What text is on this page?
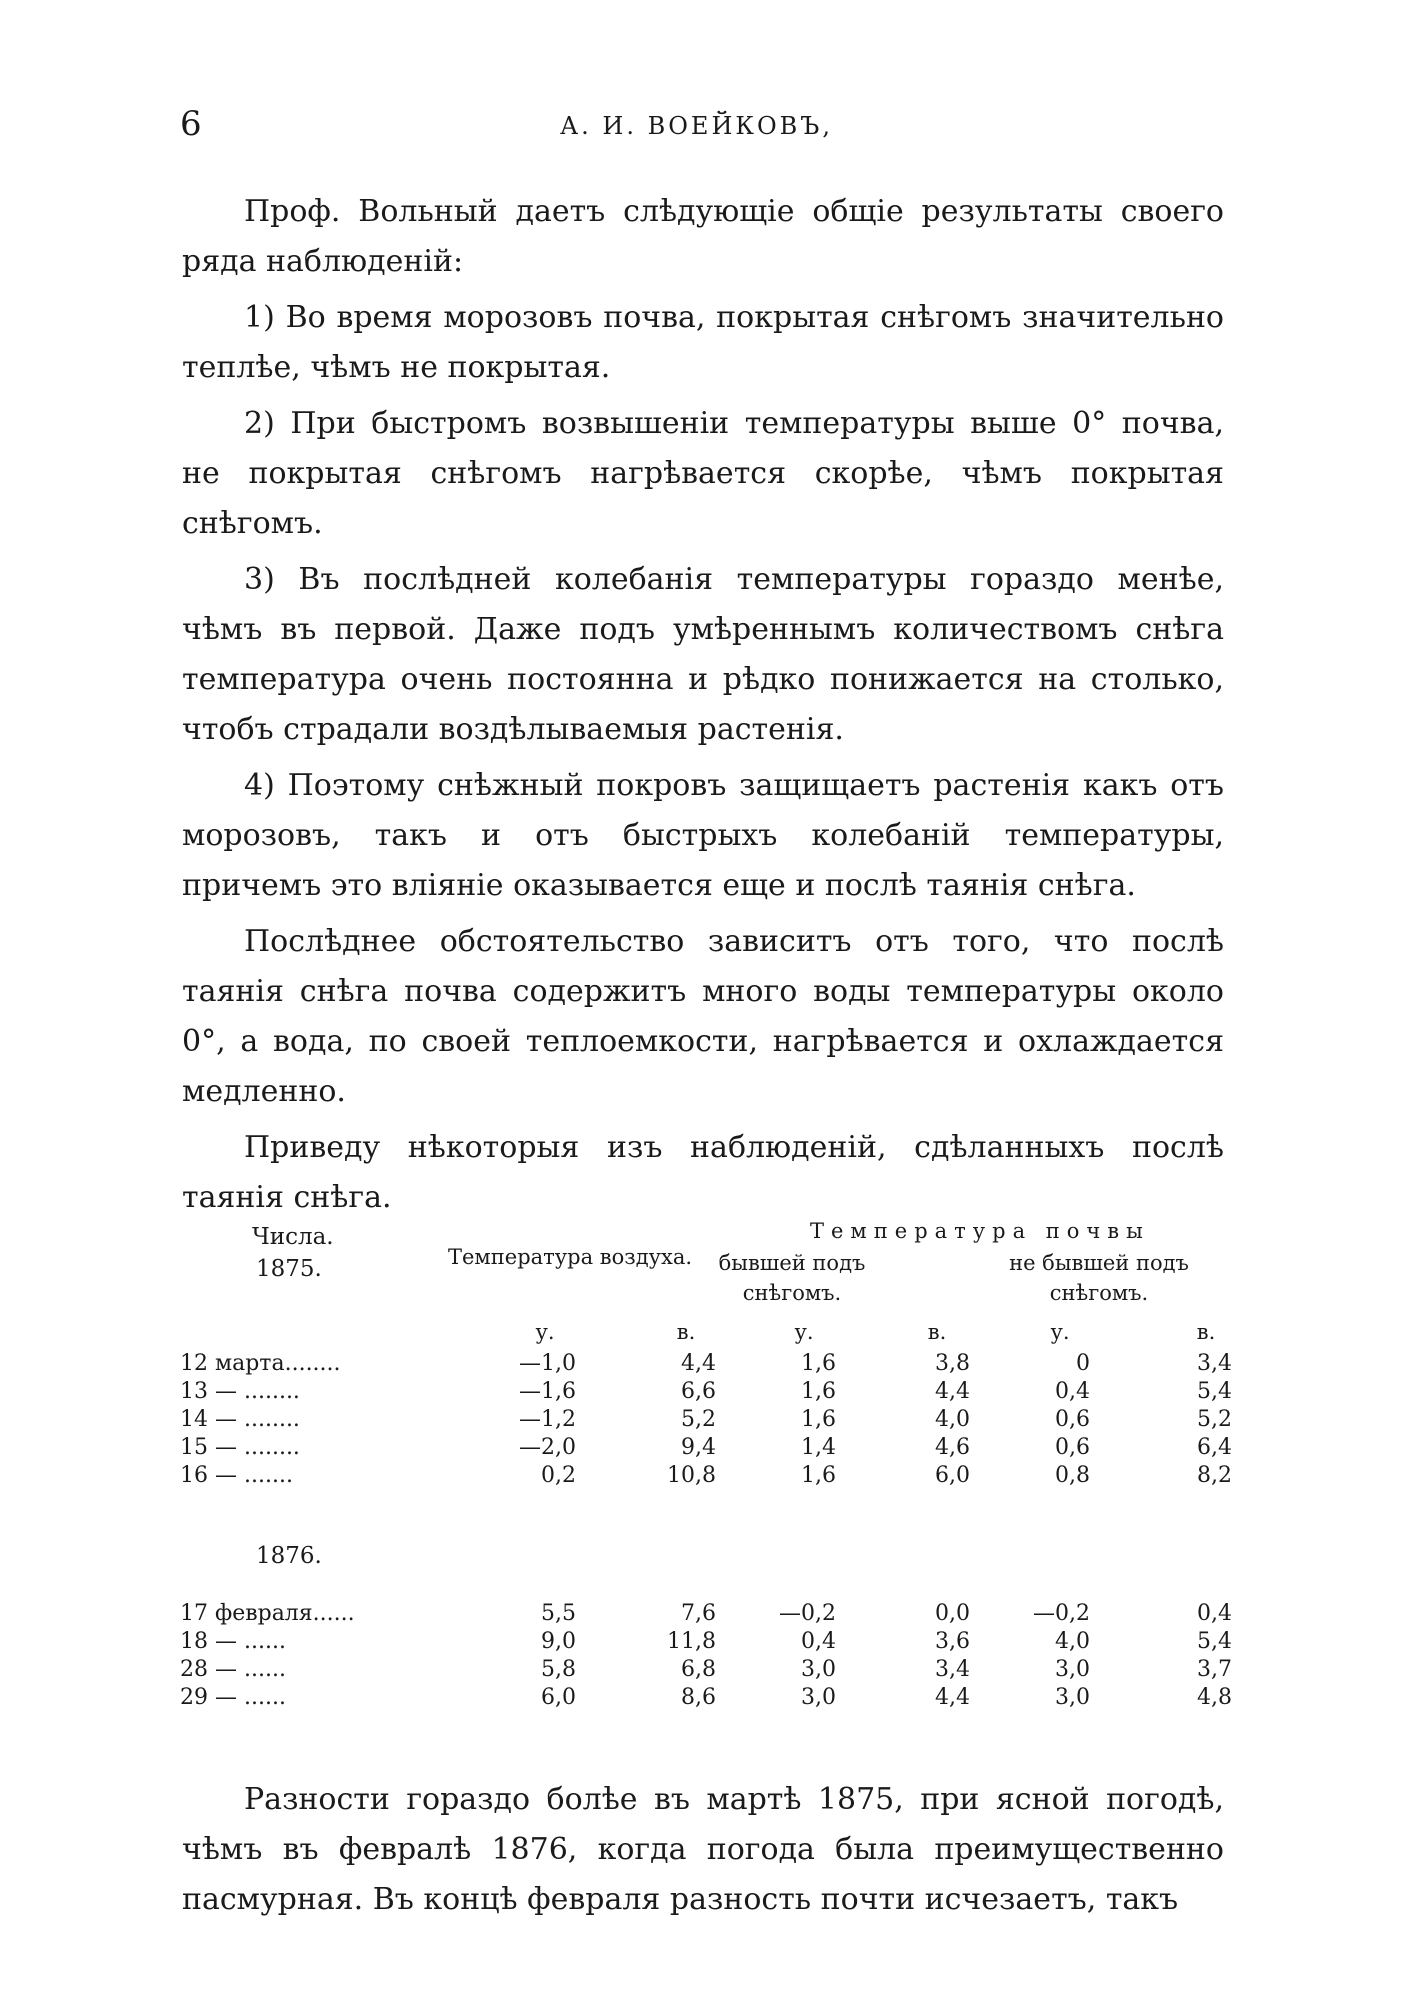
6	А. И. ВОЕЙКОВЪ,

Проф. Вольный даетъ слѣдующіе общіе результаты своего ряда наблюденій:

1) Во время морозовъ почва, покрытая снѣгомъ значительно теплѣе, чѣмъ не покрытая.

2) При быстромъ возвышеніи температуры выше 0° почва, не покрытая снѣгомъ нагрѣвается скорѣе, чѣмъ покрытая снѣгомъ.

3) Въ послѣдней колебанія температуры гораздо менѣе, чѣмъ въ первой. Даже подъ умѣреннымъ количествомъ снѣга температура очень постоянна и рѣдко понижается на столько, чтобъ страдали воздѣлываемыя растенія.

4) Поэтому снѣжный покровъ защищаетъ растенія какъ отъ морозовъ, такъ и отъ быстрыхъ колебаній температуры, причемъ это вліяніе оказывается еще и послѣ таянія снѣга.

Послѣднее обстоятельство зависитъ отъ того, что послѣ таянія снѣга почва содержитъ много воды температуры около 0°, а вода, по своей теплоемкости, нагрѣвается и охлаждается медленно.

Приведу нѣкоторыя изъ наблюденій, сдѣланныхъ послѣ таянія снѣга.

Числа.
1875.	Температура воздуха.
Температура почвы
бывшей подъ снѣгомъ.
не бывшей подъ снѣгомъ.
у.	в.	у.	в.	у.	в.
12 марта........	—1,0	4,4	1,6	3,8	0	3,4
13 — ........	—1,6	6,6	1,6	4,4	0,4	5,4
14 — ........	—1,2	5,2	1,6	4,0	0,6	5,2
15 — ........	—2,0	9,4	1,4	4,6	0,6	6,4
16 — .......	0,2	10,8	1,6	6,0	0,8	8,2
1876.
17 февраля......	5,5	7,6	—0,2	0,0	—0,2	0,4
18 — ......	9,0	11,8	0,4	3,6	4,0	5,4
28 — ......	5,8	6,8	3,0	3,4	3,0	3,7
29 — ......	6,0	8,6	3,0	4,4	3,0	4,8

Разности гораздо болѣе въ мартѣ 1875, при ясной погодѣ, чѣмъ въ февралѣ 1876, когда погода была преимущественно пасмурная. Въ концѣ февраля разность почти исчезаетъ, такъ
